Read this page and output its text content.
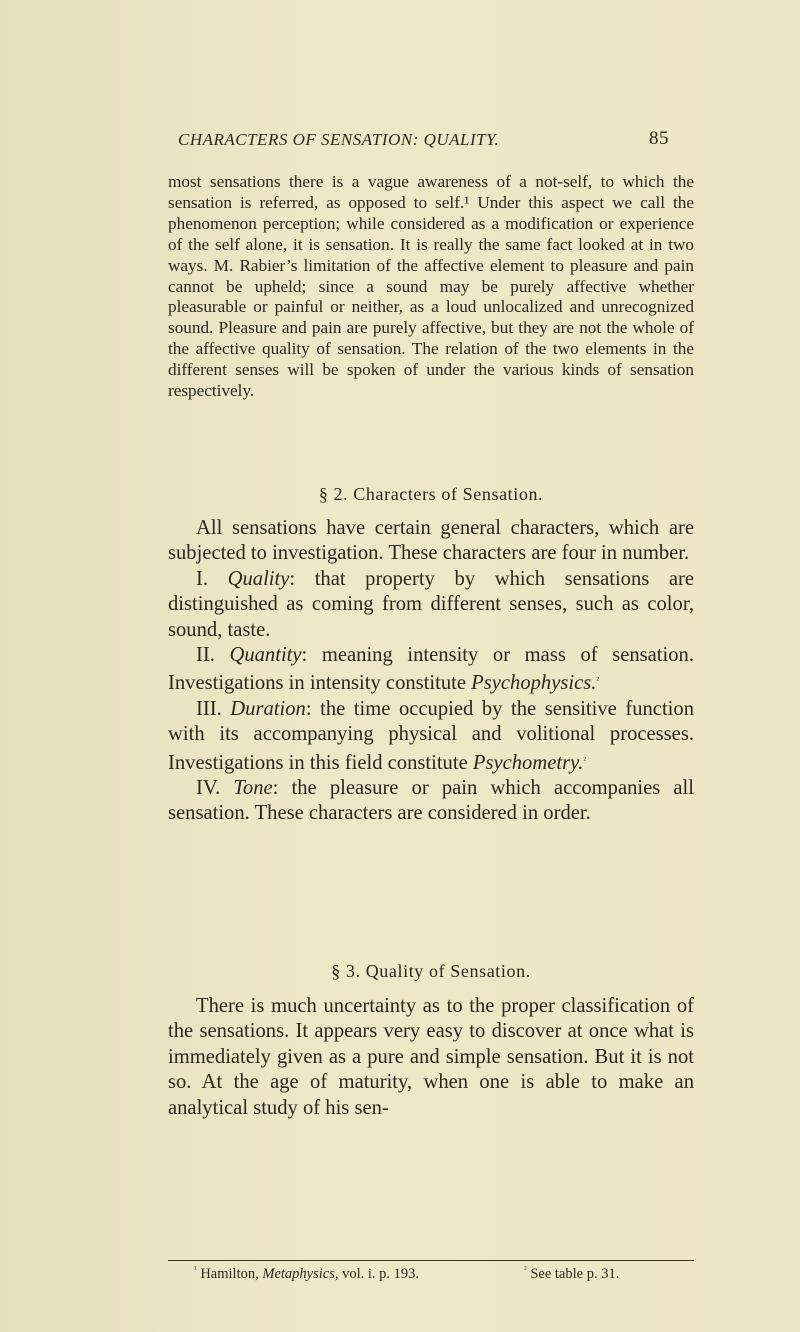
CHARACTERS OF SENSATION: QUALITY.	85
most sensations there is a vague awareness of a not-self, to which the sensation is referred, as opposed to self.¹ Under this aspect we call the phenomenon perception; while considered as a modification or experience of the self alone, it is sensation. It is really the same fact looked at in two ways. M. Rabier’s limitation of the affective element to pleasure and pain cannot be upheld; since a sound may be purely affective whether pleasurable or painful or neither, as a loud unlocalized and unrecognized sound. Pleasure and pain are purely affective, but they are not the whole of the affective quality of sensation. The relation of the two elements in the different senses will be spoken of under the various kinds of sensation respectively.
§ 2. Characters of Sensation.
All sensations have certain general characters, which are subjected to investigation. These characters are four in number.
I. Quality: that property by which sensations are distinguished as coming from different senses, such as color, sound, taste.
II. Quantity: meaning intensity or mass of sensation. Investigations in intensity constitute Psychophysics.$^{^2}$
III. Duration: the time occupied by the sensitive function with its accompanying physical and volitional processes. Investigations in this field constitute Psychometry.$^{^2}$
IV. Tone: the pleasure or pain which accompanies all sensation. These characters are considered in order.
§ 3. Quality of Sensation.
There is much uncertainty as to the proper classification of the sensations. It appears very easy to discover at once what is immediately given as a pure and simple sensation. But it is not so. At the age of maturity, when one is able to make an analytical study of his sen-
$^{^1}$ Hamilton, Metaphysics, vol. i. p. 193.	$^{^2}$ See table p. 31.
